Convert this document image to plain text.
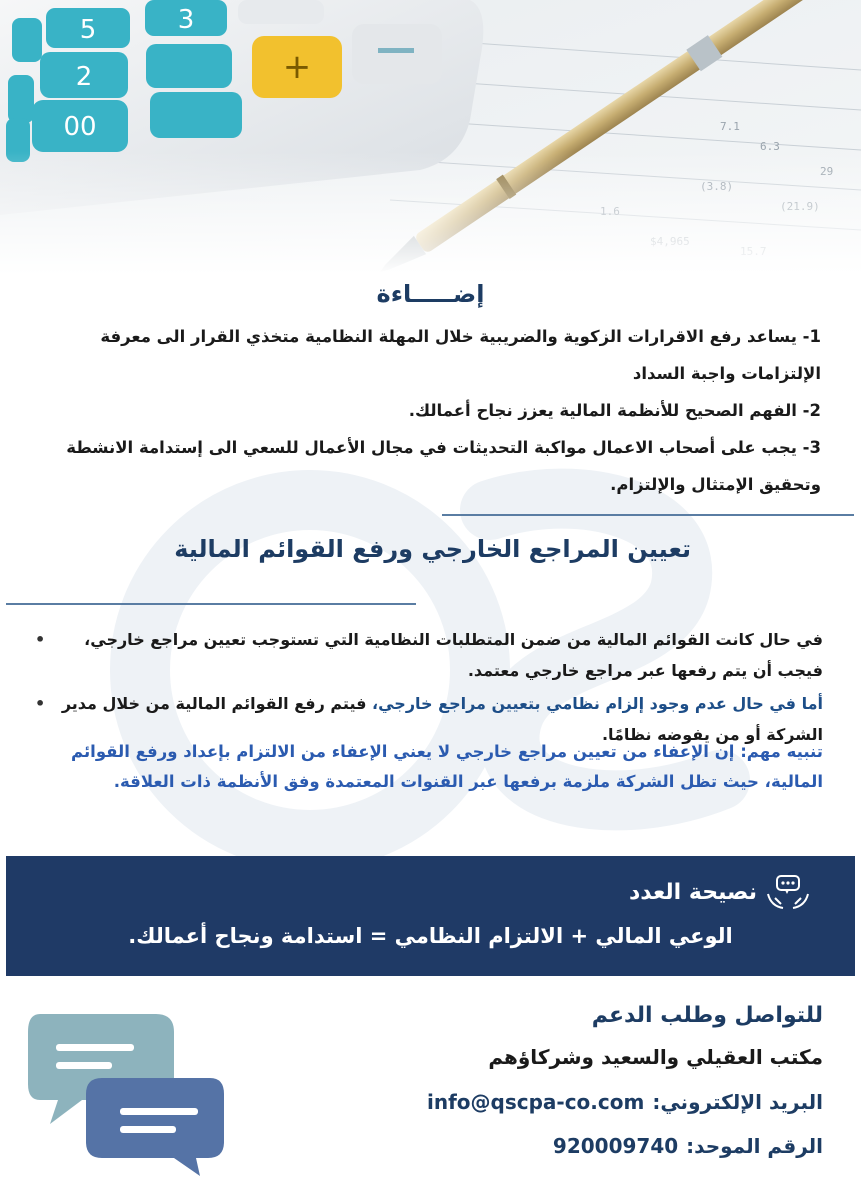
إضـــــاءة
1- يساعد رفع الاقرارات الزكوية والضريبية خلال المهلة النظامية متخذي القرار الى معرفة الإلتزامات واجبة السداد
2- الفهم الصحيح للأنظمة المالية يعزز نجاح أعمالك.
3- يجب على أصحاب الاعمال مواكبة التحديثات في مجال الأعمال للسعي الى إستدامة الانشطة وتحقيق الإمتثال والإلتزام.
تعيين المراجع الخارجي ورفع القوائم المالية
• في حال كانت القوائم المالية من ضمن المتطلبات النظامية التي تستوجب تعيين مراجع خارجي، فيجب أن يتم رفعها عبر مراجع خارجي معتمد.
• أما في حال عدم وجود إلزام نظامي بتعيين مراجع خارجي، فيتم رفع القوائم المالية من خلال مدير الشركة أو من يفوضه نظامًا.
تنبيه مهم: إن الإعفاء من تعيين مراجع خارجي لا يعني الإعفاء من الالتزام بإعداد ورفع القوائم المالية، حيث تظل الشركة ملزمة برفعها عبر القنوات المعتمدة وفق الأنظمة ذات العلاقة.
نصيحة العدد
الوعي المالي + الالتزام النظامي = استدامة ونجاح أعمالك.
للتواصل وطلب الدعم
مكتب العقيلي والسعيد وشركاؤهم
البريد الإلكتروني:
info@qscpa-co.com
الرقم الموحد:
920009740
